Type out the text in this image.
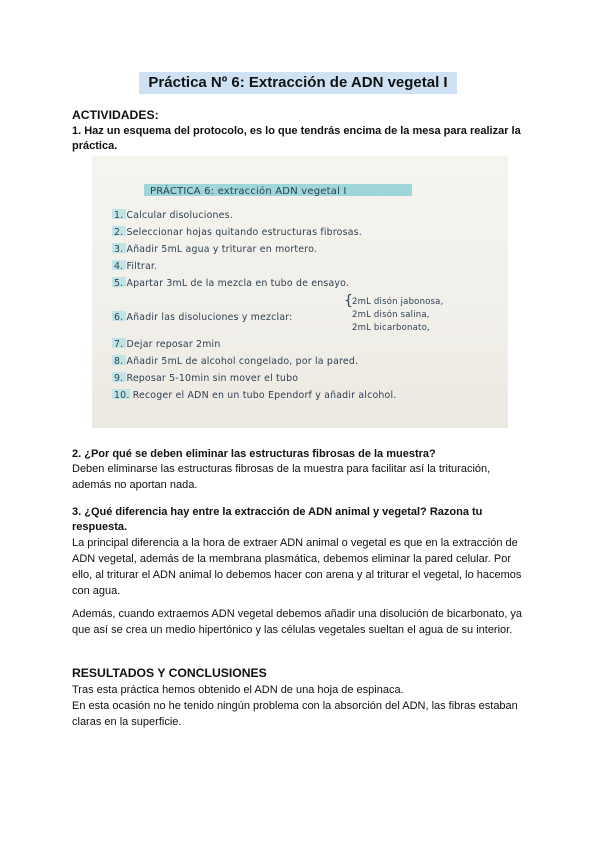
Práctica Nº 6: Extracción de ADN vegetal I
ACTIVIDADES:
1. Haz un esquema del protocolo, es lo que tendrás encima de la mesa para realizar la práctica.
PRÁCTICA 6: extracción ADN vegetal I
1. Calcular disoluciones.
2. Seleccionar hojas quitando estructuras fibrosas.
3. Añadir 5mL agua y triturar en mortero.
4. Filtrar.
5. Apartar 3mL de la mezcla en tubo de ensayo.
6. Añadir las disoluciones y mezclar:
{
2mL disón jabonosa,
2mL disón salina,
2mL bicarbonato,
7. Dejar reposar 2min
8. Añadir 5mL de alcohol congelado, por la pared.
9. Reposar 5-10min sin mover el tubo
10. Recoger el ADN en un tubo Ependorf y añadir alcohol.
2. ¿Por qué se deben eliminar las estructuras fibrosas de la muestra?
Deben eliminarse las estructuras fibrosas de la muestra para facilitar así la trituración, además no aportan nada.
3. ¿Qué diferencia hay entre la extracción de ADN animal y vegetal? Razona tu respuesta.
La principal diferencia a la hora de extraer ADN animal o vegetal es que en la extracción de ADN vegetal, además de la membrana plasmática, debemos eliminar la pared celular. Por ello, al triturar el ADN animal lo debemos hacer con arena y al triturar el vegetal, lo hacemos con agua.
Además, cuando extraemos ADN vegetal debemos añadir una disolución de bicarbonato, ya que así se crea un medio hipertónico y las células vegetales sueltan el agua de su interior.
RESULTADOS Y CONCLUSIONES
Tras esta práctica hemos obtenido el ADN de una hoja de espinaca.
En esta ocasión no he tenido ningún problema con la absorción del ADN, las fibras estaban claras en la superficie.
